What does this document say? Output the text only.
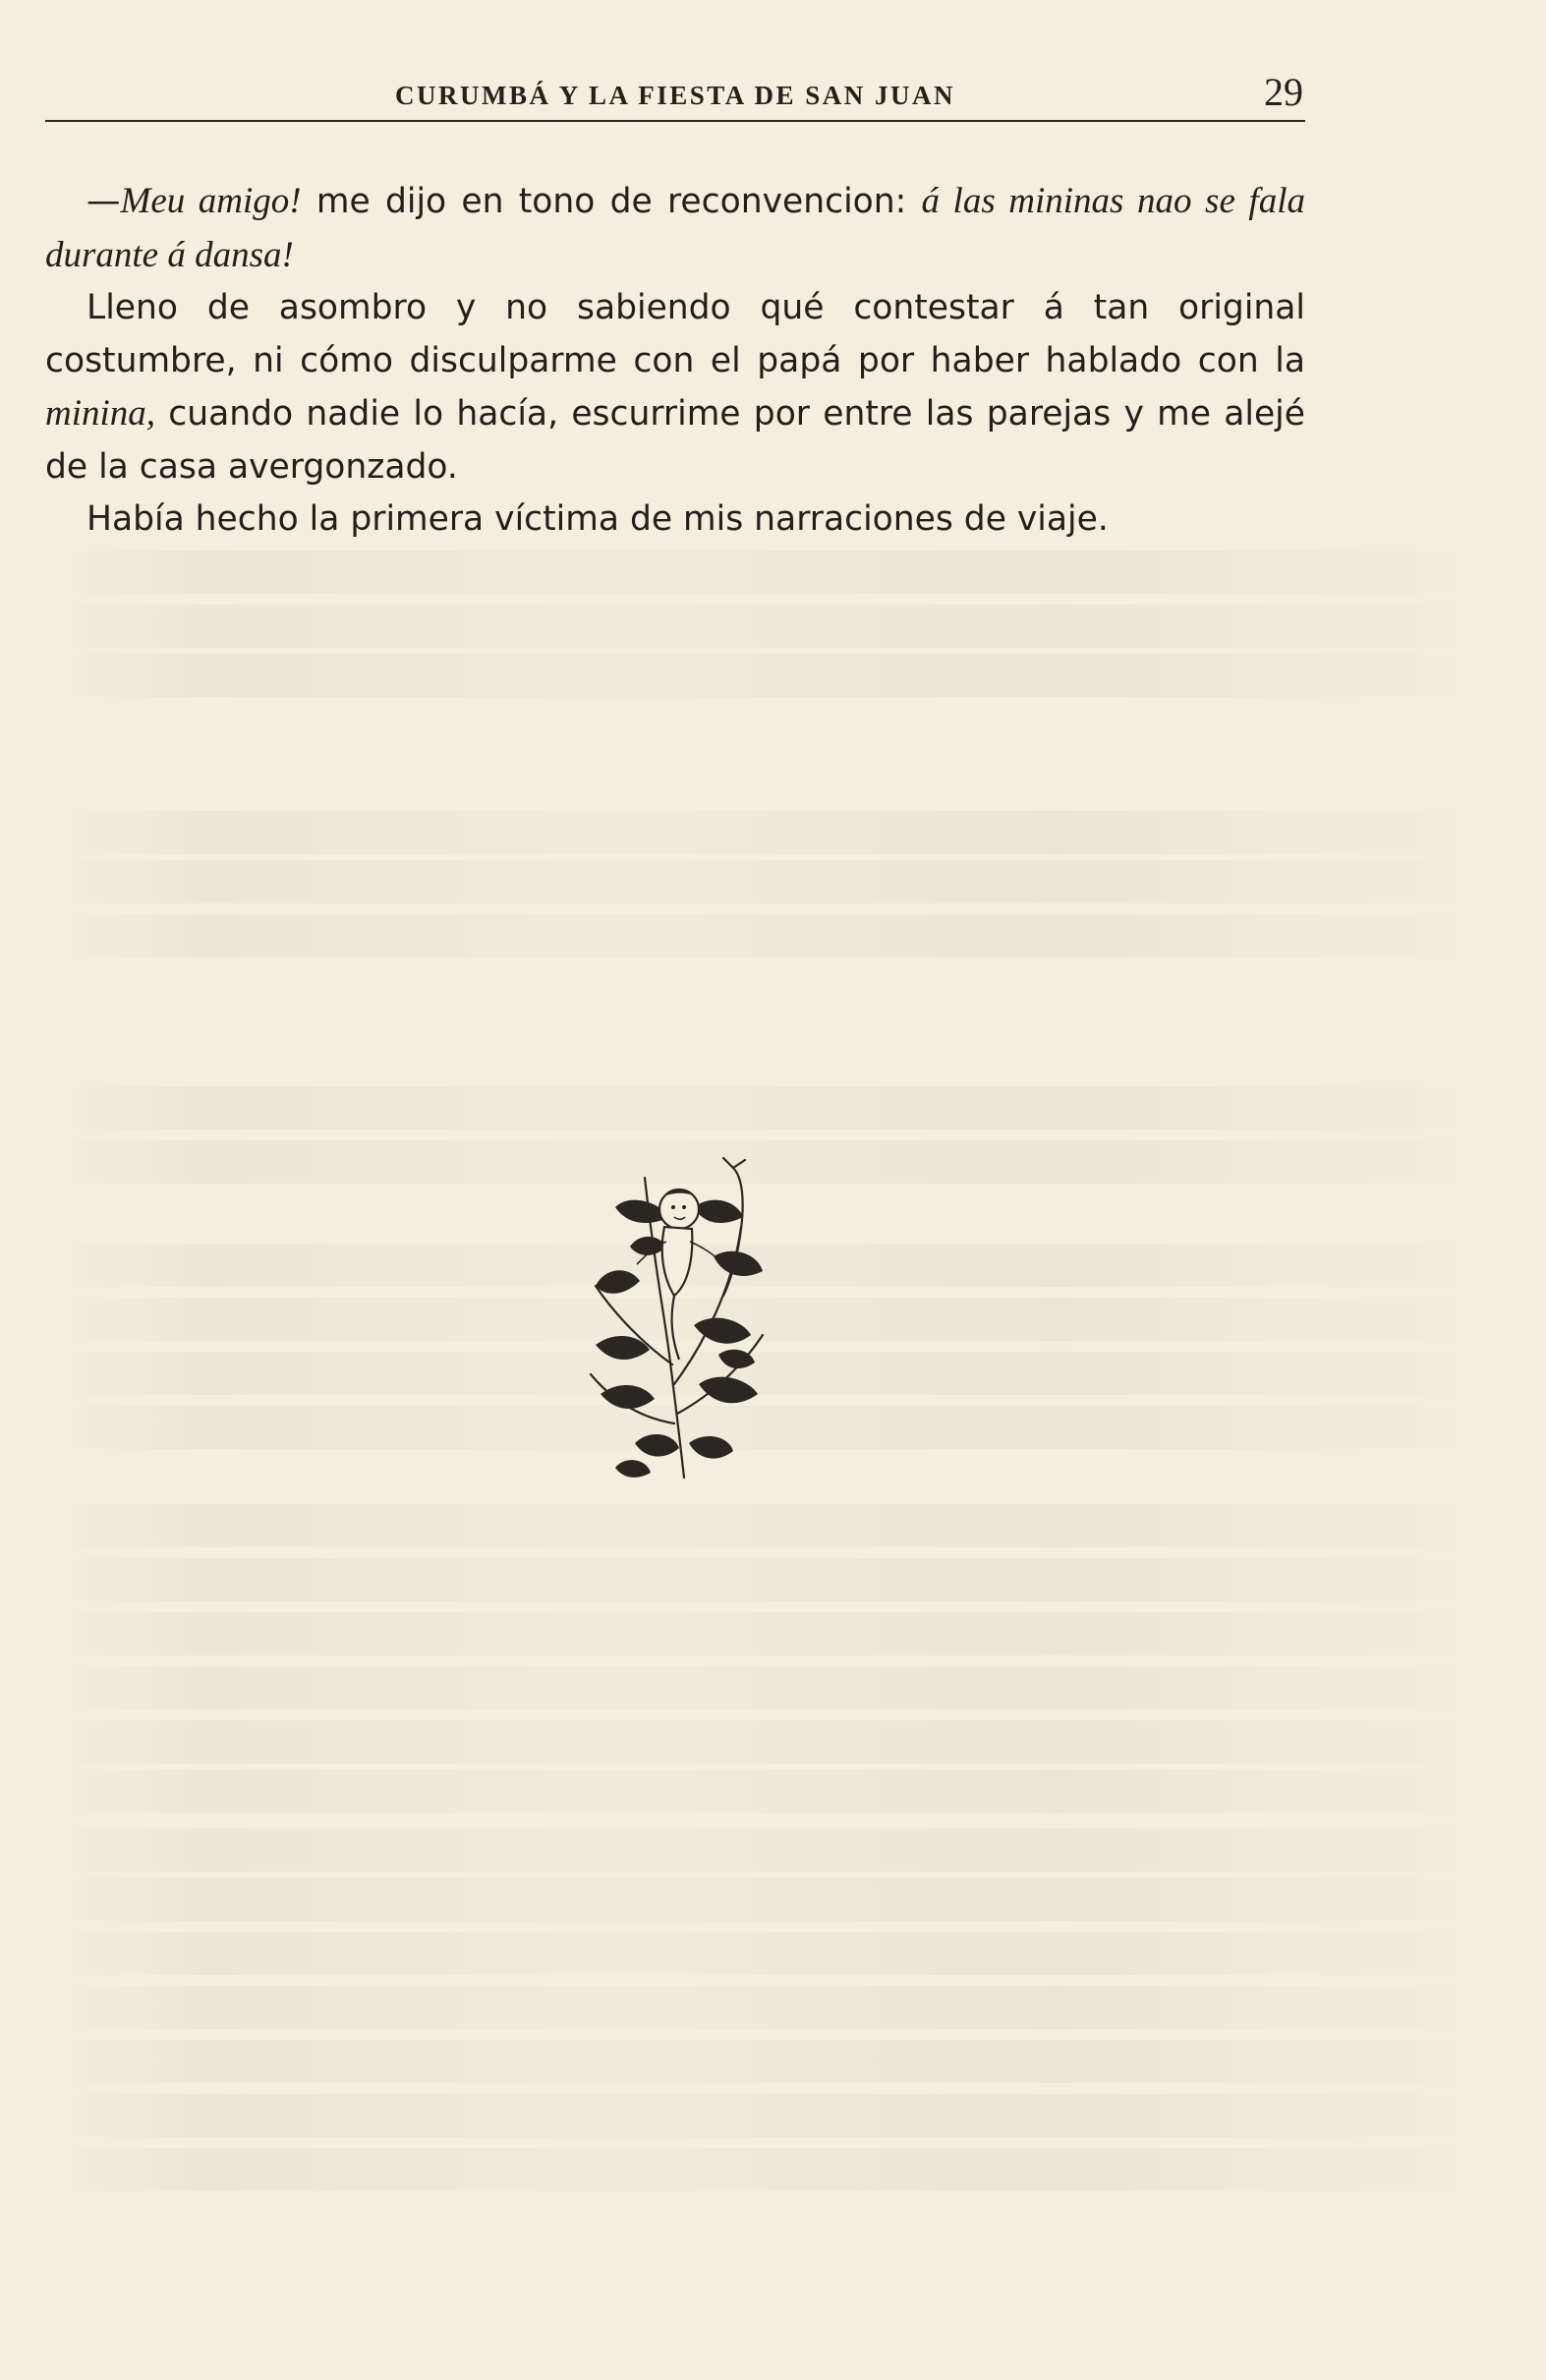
CURUMBÁ Y LA FIESTA DE SAN JUAN	29

—Meu amigo! me dijo en tono de reconvencion: á las mininas nao se fala durante á dansa!

Lleno de asombro y no sabiendo qué contestar á tan original costumbre, ni cómo disculparme con el papá por haber hablado con la minina, cuando nadie lo hacía, escurrime por entre las parejas y me alejé de la casa avergonzado.

Había hecho la primera víctima de mis narraciones de viaje.
